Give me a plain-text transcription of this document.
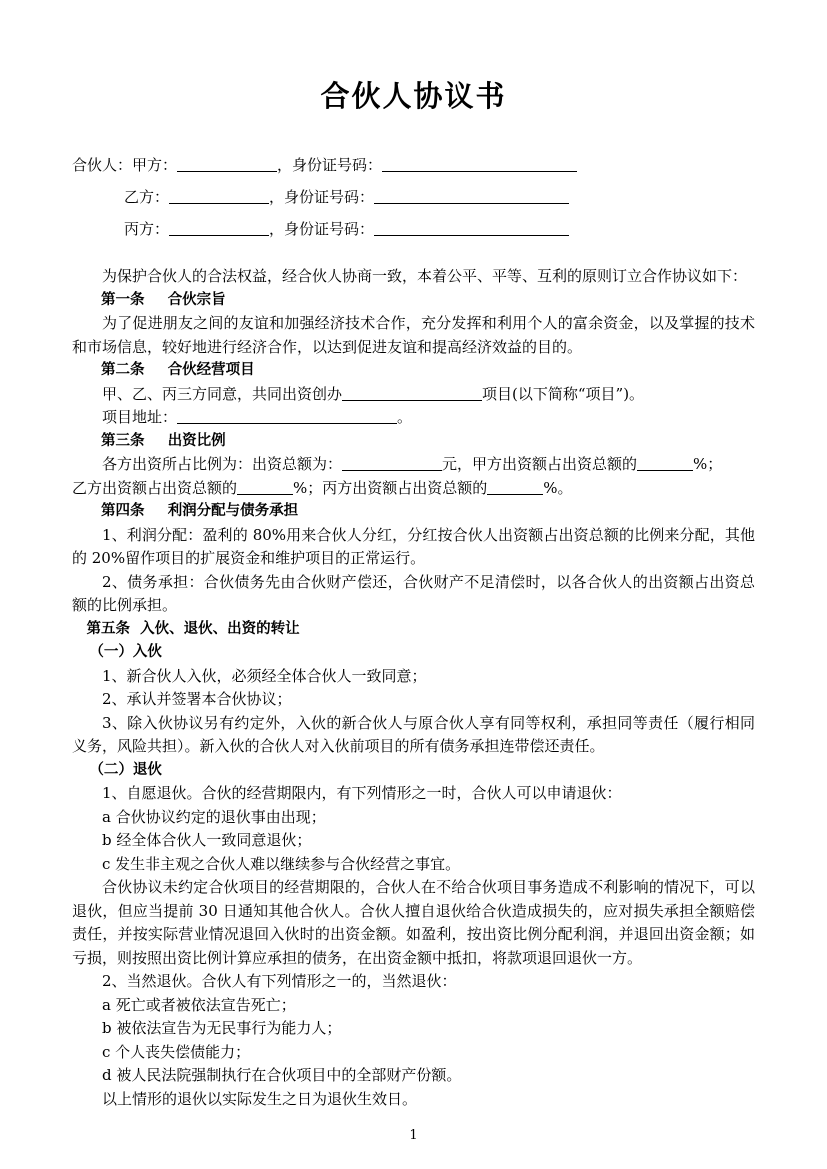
合伙人协议书
合伙人：甲方：	，身份证号码：
乙方：	，身份证号码：
丙方：	，身份证号码：

为保护合伙人的合法权益，经合伙人协商一致，本着公平、平等、互利的原则订立合作协议如下：

第一条 合伙宗旨

为了促进朋友之间的友谊和加强经济技术合作，充分发挥和利用个人的富余资金，以及掌握的技术和市场信息，较好地进行经济合作，以达到促进友谊和提高经济效益的目的。

第二条 合伙经营项目

甲、乙、丙三方同意，共同出资创办	项目(以下简称“项目”)。

项目地址：	。

第三条 出资比例

各方出资所占比例为：出资总额为：	元，甲方出资额占出资总额的	%；

乙方出资额占出资总额的	%；丙方出资额占出资总额的	%。

第四条 利润分配与债务承担

1、利润分配：盈利的 80%用来合伙人分红，分红按合伙人出资额占出资总额的比例来分配，其他的 20%留作项目的扩展资金和维护项目的正常运行。

2、债务承担：合伙债务先由合伙财产偿还，合伙财产不足清偿时，以各合伙人的出资额占出资总额的比例承担。

第五条 入伙、退伙、出资的转让

（一）入伙

1、新合伙人入伙，必须经全体合伙人一致同意；

2、承认并签署本合伙协议；

3、除入伙协议另有约定外，入伙的新合伙人与原合伙人享有同等权利，承担同等责任（履行相同义务，风险共担）。新入伙的合伙人对入伙前项目的所有债务承担连带偿还责任。

（二）退伙

1、自愿退伙。合伙的经营期限内，有下列情形之一时，合伙人可以申请退伙：

a 合伙协议约定的退伙事由出现；

b 经全体合伙人一致同意退伙；

c 发生非主观之合伙人难以继续参与合伙经营之事宜。

合伙协议未约定合伙项目的经营期限的，合伙人在不给合伙项目事务造成不利影响的情况下，可以退伙，但应当提前 30 日通知其他合伙人。合伙人擅自退伙给合伙造成损失的，应对损失承担全额赔偿责任，并按实际营业情况退回入伙时的出资金额。如盈利，按出资比例分配利润，并退回出资金额；如亏损，则按照出资比例计算应承担的债务，在出资金额中抵扣，将款项退回退伙一方。

2、当然退伙。合伙人有下列情形之一的，当然退伙：

a 死亡或者被依法宣告死亡；

b 被依法宣告为无民事行为能力人；

c 个人丧失偿债能力；

d 被人民法院强制执行在合伙项目中的全部财产份额。

以上情形的退伙以实际发生之日为退伙生效日。

1
